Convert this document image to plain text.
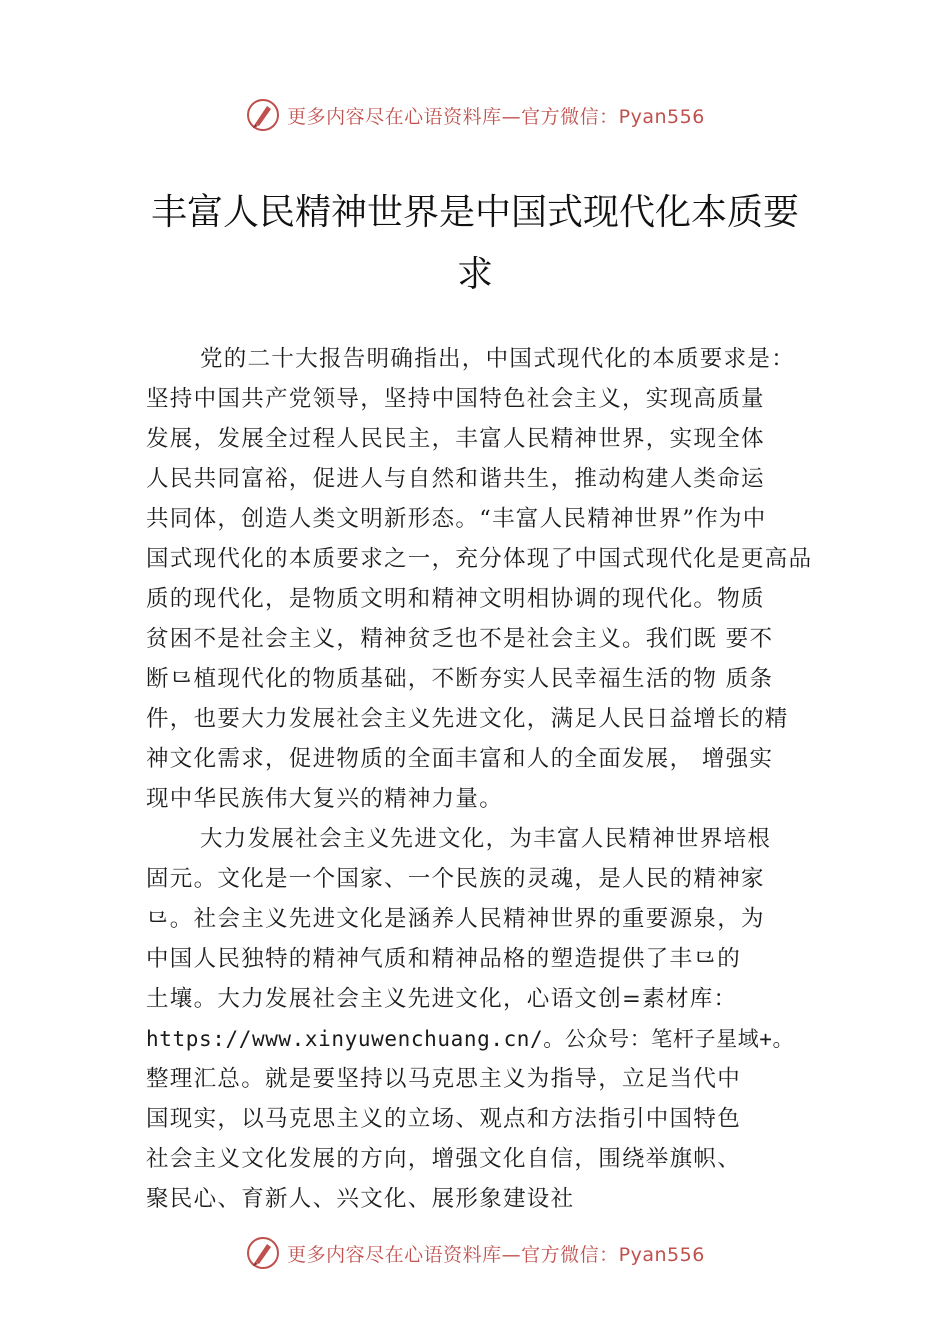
更多内容尽在心语资料库—官方微信：Pyan556
丰富人民精神世界是中国式现代化本质要
求
党的二十大报告明确指出，中国式现代化的本质要求是：
坚持中国共产党领导，坚持中国特色社会主义，实现高质量
发展，发展全过程人民民主，丰富人民精神世界，实现全体
人民共同富裕，促进人与自然和谐共生，推动构建人类命运
共同体，创造人类文明新形态。“丰富人民精神世界”作为中
国式现代化的本质要求之一，充分体现了中国式现代化是更高品
质的现代化，是物质文明和精神文明相协调的现代化。物质
贫困不是社会主义，精神贫乏也不是社会主义。我们既 要不
断⺋植现代化的物质基础，不断夯实人民幸福生活的物 质条
件，也要大力发展社会主义先进文化，满足人民日益增长的精
神文化需求，促进物质的全面丰富和人的全面发展， 增强实
现中华民族伟大复兴的精神力量。
大力发展社会主义先进文化，为丰富人民精神世界培根
固元。文化是一个国家、一个民族的灵魂，是人民的精神家
⺋。社会主义先进文化是涵养人民精神世界的重要源泉，为
中国人民独特的精神气质和精神品格的塑造提供了丰⺋的
土壤。大力发展社会主义先进文化，心语文创=素材库：
https://www.xinyuwenchuang.cn/。公众号：笔杆子星域+。
整理汇总。就是要坚持以马克思主义为指导，立足当代中
国现实，以马克思主义的立场、观点和方法指引中国特色
社会主义文化发展的方向，增强文化自信，围绕举旗帜、
聚民心、育新人、兴文化、展形象建设社
更多内容尽在心语资料库—官方微信：Pyan556
